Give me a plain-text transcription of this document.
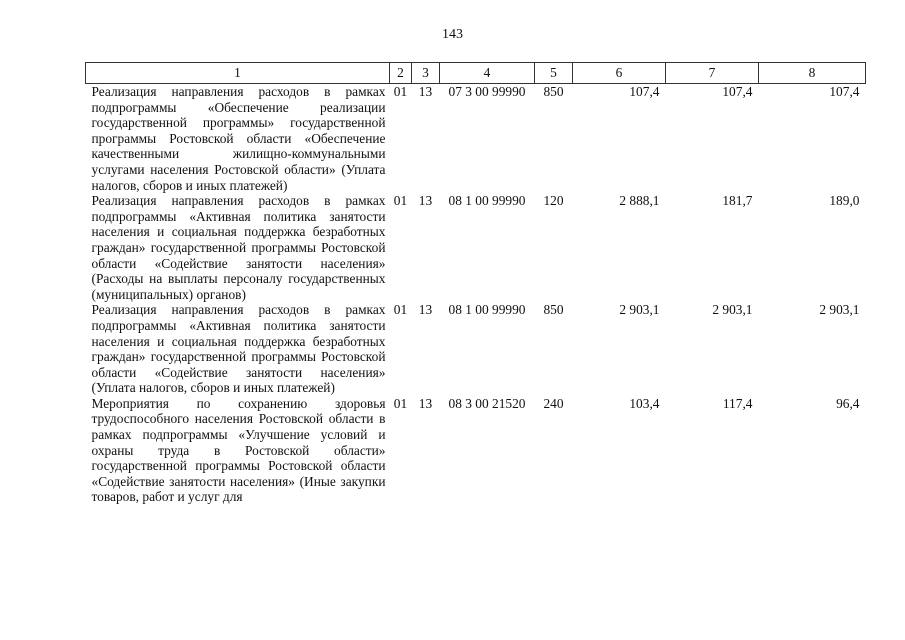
143
1	2	3	4	5	6	7	8
Реализация направления расходов в рамках подпрограммы «Обеспечение реализации государственной программы» государственной программы Ростовской области «Обеспечение качественными жилищно-коммунальными услугами населения Ростовской области» (Уплата налогов, сборов и иных платежей)	01	13	07 3 00 99990	850	107,4	107,4	107,4
Реализация направления расходов в рамках подпрограммы «Активная политика занятости населения и социальная поддержка безработных граждан» государственной программы Ростовской области «Содействие занятости населения» (Расходы на выплаты персоналу государственных (муниципальных) органов)	01	13	08 1 00 99990	120	2 888,1	181,7	189,0
Реализация направления расходов в рамках подпрограммы «Активная политика занятости населения и социальная поддержка безработных граждан» государственной программы Ростовской области «Содействие занятости населения» (Уплата налогов, сборов и иных платежей)	01	13	08 1 00 99990	850	2 903,1	2 903,1	2 903,1
Мероприятия по сохранению здоровья трудоспособного населения Ростовской области в рамках подпрограммы «Улучшение условий и охраны труда в Ростовской области» государственной программы Ростовской области «Содействие занятости населения» (Иные закупки товаров, работ и услуг для	01	13	08 3 00 21520	240	103,4	117,4	96,4
